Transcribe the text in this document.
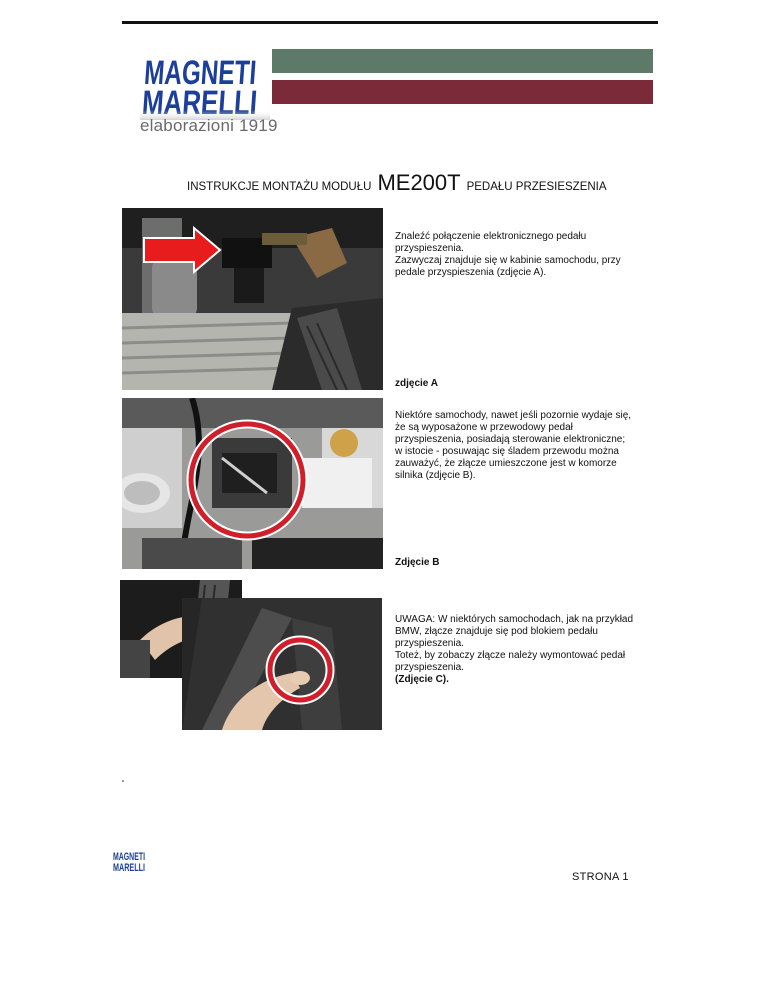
MAGNETI
MARELLI
elaborazioni 1919
INSTRUKCJE MONTAŻU MODUŁU ME200T PEDAŁU PRZESIESZENIA
Znaleźć połączenie elektronicznego pedału
przyspieszenia.
Zazwyczaj znajduje się w kabinie samochodu, przy
pedale przyspieszenia (zdjęcie A).
zdjęcie A
Niektóre samochody, nawet jeśli pozornie wydaje się,
że są wyposażone w przewodowy pedał
przyspieszenia, posiadają sterowanie elektroniczne;
w istocie - posuwając się śladem przewodu można
zauważyć, że złącze umieszczone jest w komorze
silnika (zdjęcie B).
Zdjęcie B
UWAGA: W niektórych samochodach, jak na przykład
BMW, złącze znajduje się pod blokiem pedału
przyspieszenia.
Toteż, by zobaczy złącze należy wymontować pedał
przyspieszenia.
(Zdjęcie C).
MAGNETI
MARELLI
STRONA 1
